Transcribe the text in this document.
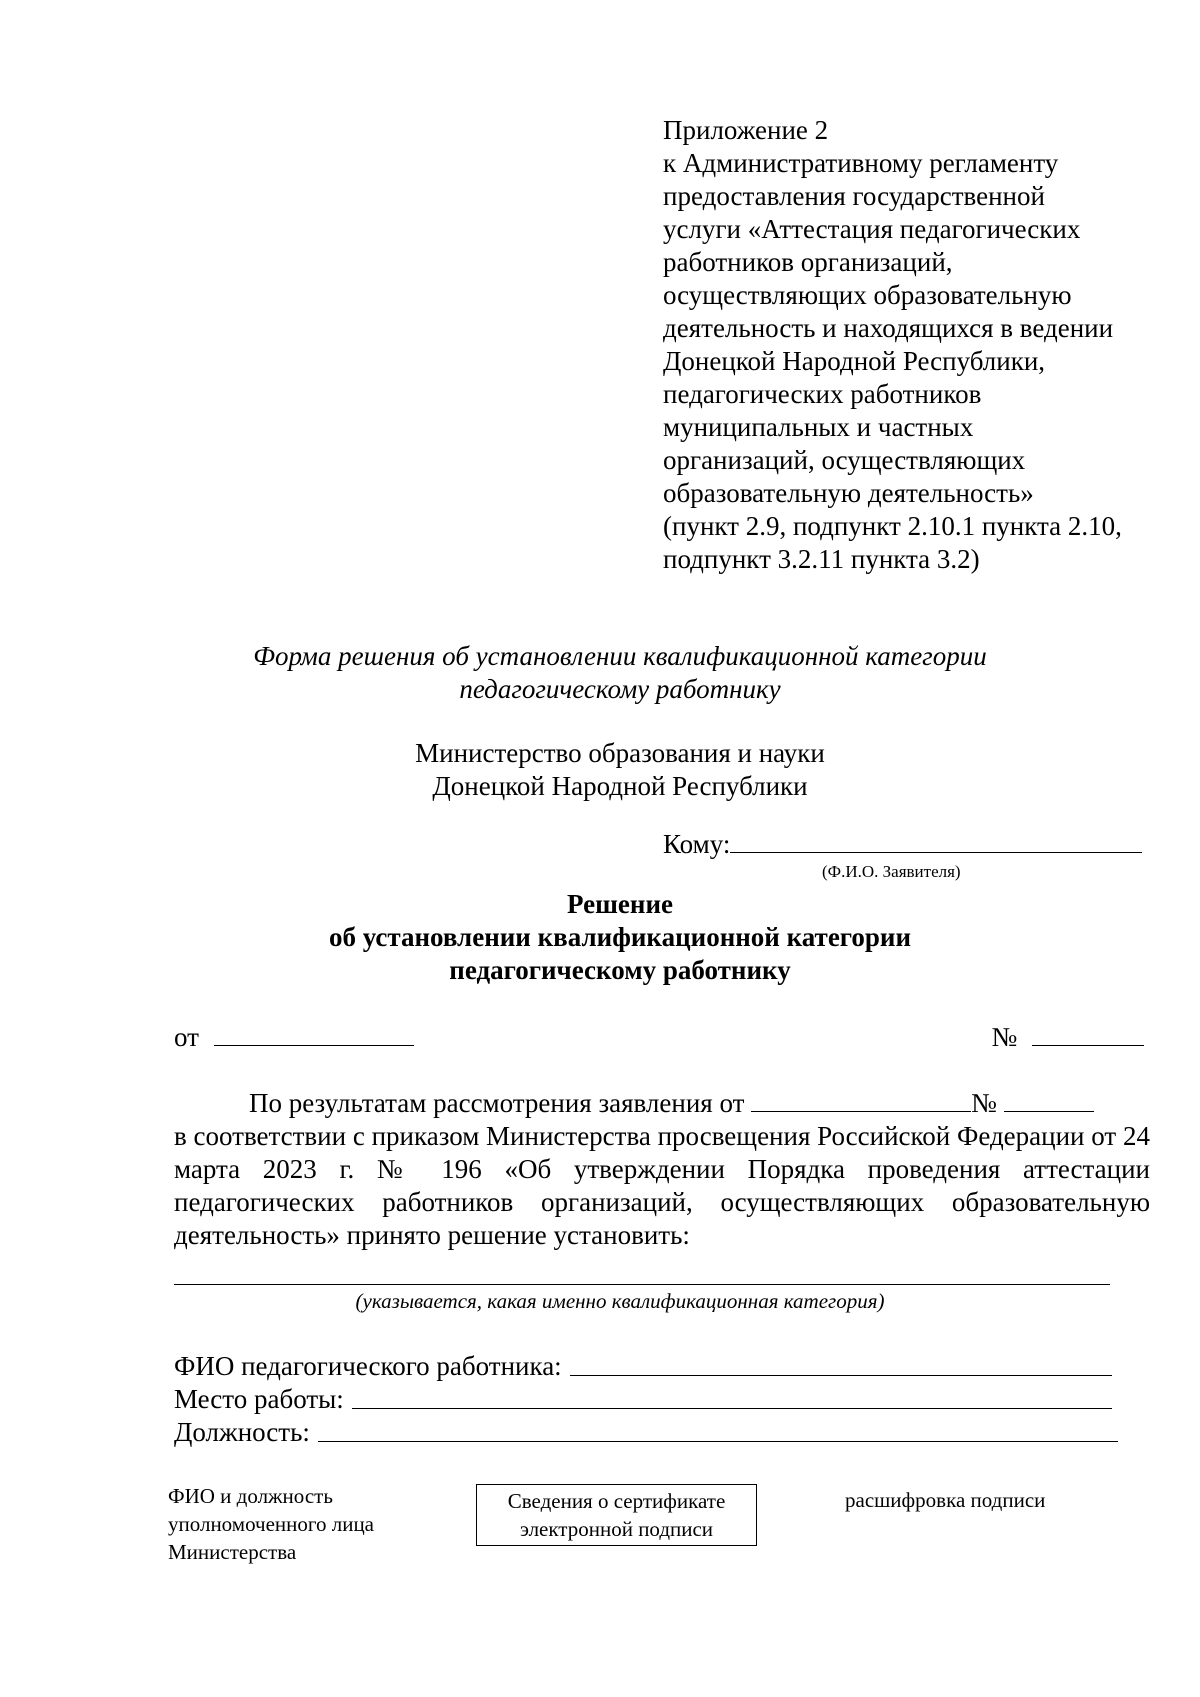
Приложение 2
к Административному регламенту
предоставления государственной
услуги «Аттестация педагогических
работников организаций,
осуществляющих образовательную
деятельность и находящихся в ведении
Донецкой Народной Республики,
педагогических работников
муниципальных и частных
организаций, осуществляющих
образовательную деятельность»
(пункт 2.9, подпункт 2.10.1 пункта 2.10,
подпункт 3.2.11 пункта 3.2)
Форма решения об установлении квалификационной категории
педагогическому работнику
Министерство образования и науки
Донецкой Народной Республики
Кому:
(Ф.И.О. Заявителя)
Решение
об установлении квалификационной категории
педагогическому работнику
от	№

По результатам рассмотрения заявления от	№

в соответствии с приказом Министерства просвещения Российской Федерации от 24 марта 2023 г. № 196 «Об утверждении Порядка проведения аттестации педагогических работников организаций, осуществляющих образовательную деятельность» принято решение установить:

(указывается, какая именно квалификационная категория)
ФИО педагогического работника:
Место работы:
Должность:
ФИО и должность
уполномоченного лица
Министерства
Сведения о сертификате
электронной подписи
расшифровка подписи
